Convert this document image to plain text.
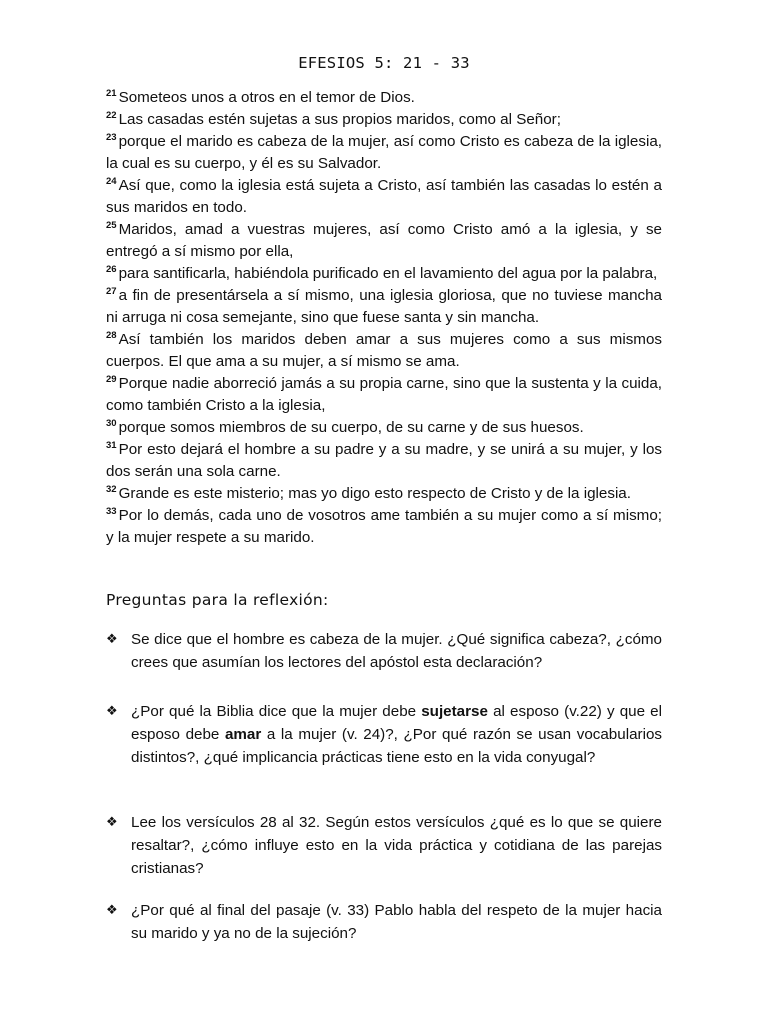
EFESIOS 5: 21 - 33

$^{21}$ Someteos unos a otros en el temor de Dios.

$^{22}$ Las casadas estén sujetas a sus propios maridos, como al Señor;

$^{23}$ porque el marido es cabeza de la mujer, así como Cristo es cabeza de la iglesia, la cual es su cuerpo, y él es su Salvador.

$^{24}$ Así que, como la iglesia está sujeta a Cristo, así también las casadas lo estén a sus maridos en todo.

$^{25}$ Maridos, amad a vuestras mujeres, así como Cristo amó a la iglesia, y se entregó a sí mismo por ella,

$^{26}$ para santificarla, habiéndola purificado en el lavamiento del agua por la palabra,

$^{27}$ a fin de presentársela a sí mismo, una iglesia gloriosa, que no tuviese mancha ni arruga ni cosa semejante, sino que fuese santa y sin mancha.

$^{28}$ Así también los maridos deben amar a sus mujeres como a sus mismos cuerpos. El que ama a su mujer, a sí mismo se ama.

$^{29}$ Porque nadie aborreció jamás a su propia carne, sino que la sustenta y la cuida, como también Cristo a la iglesia,

$^{30}$ porque somos miembros de su cuerpo, de su carne y de sus huesos.

$^{31}$ Por esto dejará el hombre a su padre y a su madre, y se unirá a su mujer, y los dos serán una sola carne.

$^{32}$ Grande es este misterio; mas yo digo esto respecto de Cristo y de la iglesia.

$^{33}$ Por lo demás, cada uno de vosotros ame también a su mujer como a sí mismo; y la mujer respete a su marido.

Preguntas para la reflexión:
❖ Se dice que el hombre es cabeza de la mujer. ¿Qué significa cabeza?, ¿cómo crees que asumían los lectores del apóstol esta declaración?
❖ ¿Por qué la Biblia dice que la mujer debe sujetarse al esposo (v.22) y que el esposo debe amar a la mujer (v. 24)?, ¿Por qué razón se usan vocabularios distintos?, ¿qué implicancia prácticas tiene esto en la vida conyugal?
❖ Lee los versículos 28 al 32. Según estos versículos ¿qué es lo que se quiere resaltar?, ¿cómo influye esto en la vida práctica y cotidiana de las parejas cristianas?
❖ ¿Por qué al final del pasaje (v. 33) Pablo habla del respeto de la mujer hacia su marido y ya no de la sujeción?
